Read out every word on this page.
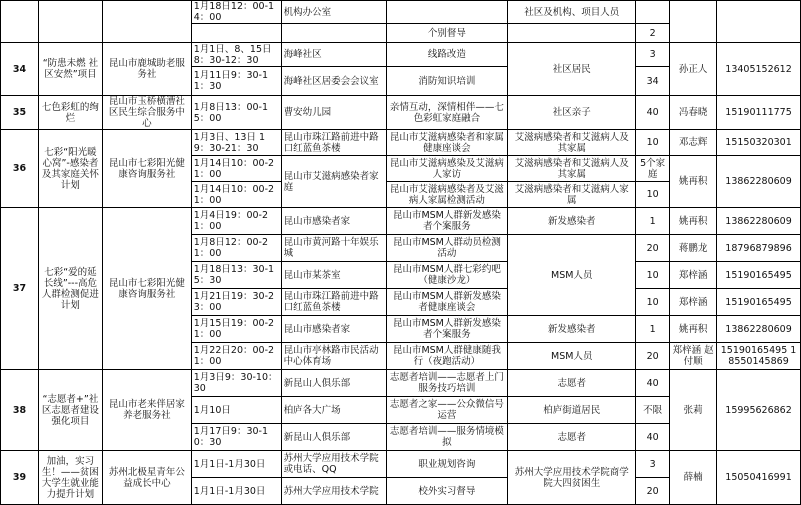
			1月18日12：00-14：00	机构办公室		社区及机构、项目人员			
					个别督导		2		
34	“防患未燃 社区安然”项目	昆山市鹿城助老服务社	1月1日、8、15日 8：30-12：30	海峰社区	线路改造	社区居民	3	孙正人	13405152612
			1月11日9：30-11：30	海峰社区居委会会议室	消防知识培训		34		

35	七色彩虹的绚烂	昆山市玉桥横漕社区民生综合服务中心	1月8日13：00-15：00	曹安幼儿园	亲情互动，深情相伴——七色彩虹家庭融合	社区亲子	40	冯春晓	15190111775
36	七彩“阳光暖心窝”-感染者及其家庭关怀计划	昆山市七彩阳光健康咨询服务社	1月3日、13日 19：30-21：30	昆山市珠江路前进中路口红蓝鱼茶楼	昆山市艾滋病感染者和家属健康座谈会	艾滋病感染者和艾滋病人及其家属	10	邓志辉	15150320301
			1月14日10：00-21：00	昆山市艾滋病感染者家庭	昆山市艾滋病感染及艾滋病人家访	艾滋病感染者和艾滋病人及其家属	5个家庭	姚再积	13862280609
			1月14日10：00-21：00		昆山市艾滋病感染者及艾滋病人家属检测活动	艾滋病感染者和艾滋病人家属	10		
37	七彩“爱的延长线”---高危人群检测促进计划	昆山市七彩阳光健康咨询服务社	1月4日19：00-21：00	昆山市感染者家	昆山市MSM人群新发感染者个案服务	新发感染者	1	姚再积	13862280609
			1月8日12：00-21：00	昆山市黄河路十年娱乐城	昆山市MSM人群动员检测活动	MSM人员	20	蒋鹏龙	18796879896
			1月18日13：30-15：30	昆山市某茶室	昆山市MSM人群七彩约吧（健康沙龙）		10	郑梓涵	15190165495
			1月21日19：30-23：00	昆山市珠江路前进中路口红蓝鱼茶楼	昆山市MSM人群新发感染者健康座谈会		10	郑梓涵	15190165495
			1月15日19：00-21：00	昆山市感染者家	昆山市MSM人群新发感染者个案服务	新发感染者	1	姚再积	13862280609
			1月22日20：00-21：00	昆山市亭林路市民活动中心体育场	昆山市MSM人群健康随我行（夜跑活动）	MSM人员	20	郑梓涵 赵付顺	15190165495 18550145869
38	“志愿者+”社区志愿者建设强化项目	昆山市老来伴居家养老服务社	1月3日9：30-10：30	新昆山人俱乐部	志愿者培训——志愿者上门服务技巧培训	志愿者	40	张莉	15995626862
			1月10日	柏庐各大广场	志愿者之家——公众微信号运营	柏庐街道居民	不限		
			1月17日9：30-10：30	新昆山人俱乐部	志愿者培训——服务情境模拟	志愿者	40		
39	加油，实习生！——贫困大学生就业能力提升计划	苏州北极星青年公益成长中心	1月1日-1月30日	苏州大学应用技术学院或电话、QQ	职业规划咨询	苏州大学应用技术学院商学院大四贫困生	3	薛楠	15050416991
			1月1日-1月30日	苏州大学应用技术学院	校外实习督导		20		
